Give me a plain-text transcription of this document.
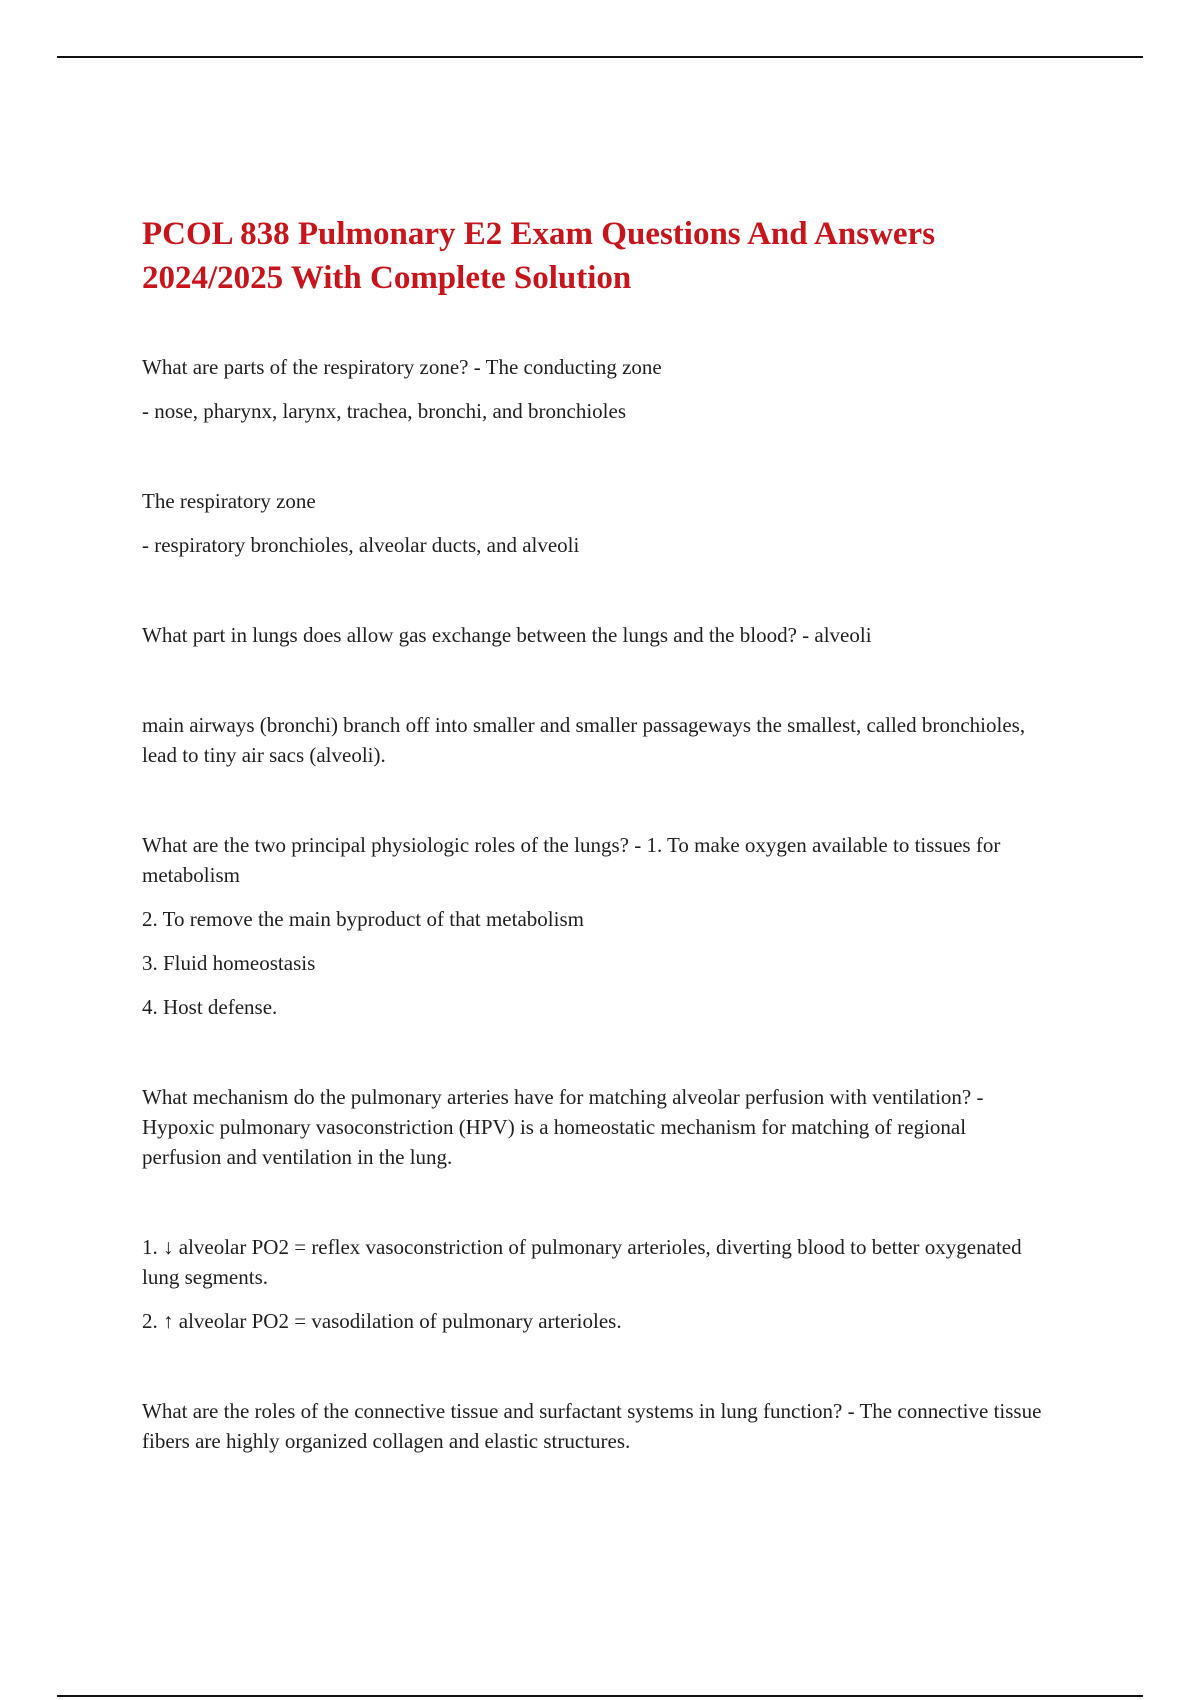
PCOL 838 Pulmonary E2 Exam Questions And Answers 2024/2025 With Complete Solution

What are parts of the respiratory zone? - The conducting zone

- nose, pharynx, larynx, trachea, bronchi, and bronchioles

The respiratory zone

- respiratory bronchioles, alveolar ducts, and alveoli

What part in lungs does allow gas exchange between the lungs and the blood? - alveoli

main airways (bronchi) branch off into smaller and smaller passageways the smallest, called bronchioles, lead to tiny air sacs (alveoli).

What are the two principal physiologic roles of the lungs? - 1. To make oxygen available to tissues for metabolism

2. To remove the main byproduct of that metabolism

3. Fluid homeostasis

4. Host defense.

What mechanism do the pulmonary arteries have for matching alveolar perfusion with ventilation? - Hypoxic pulmonary vasoconstriction (HPV) is a homeostatic mechanism for matching of regional perfusion and ventilation in the lung.

1. ↓ alveolar PO2 = reflex vasoconstriction of pulmonary arterioles, diverting blood to better oxygenated lung segments.

2. ↑ alveolar PO2 = vasodilation of pulmonary arterioles.

What are the roles of the connective tissue and surfactant systems in lung function? - The connective tissue fibers are highly organized collagen and elastic structures.
